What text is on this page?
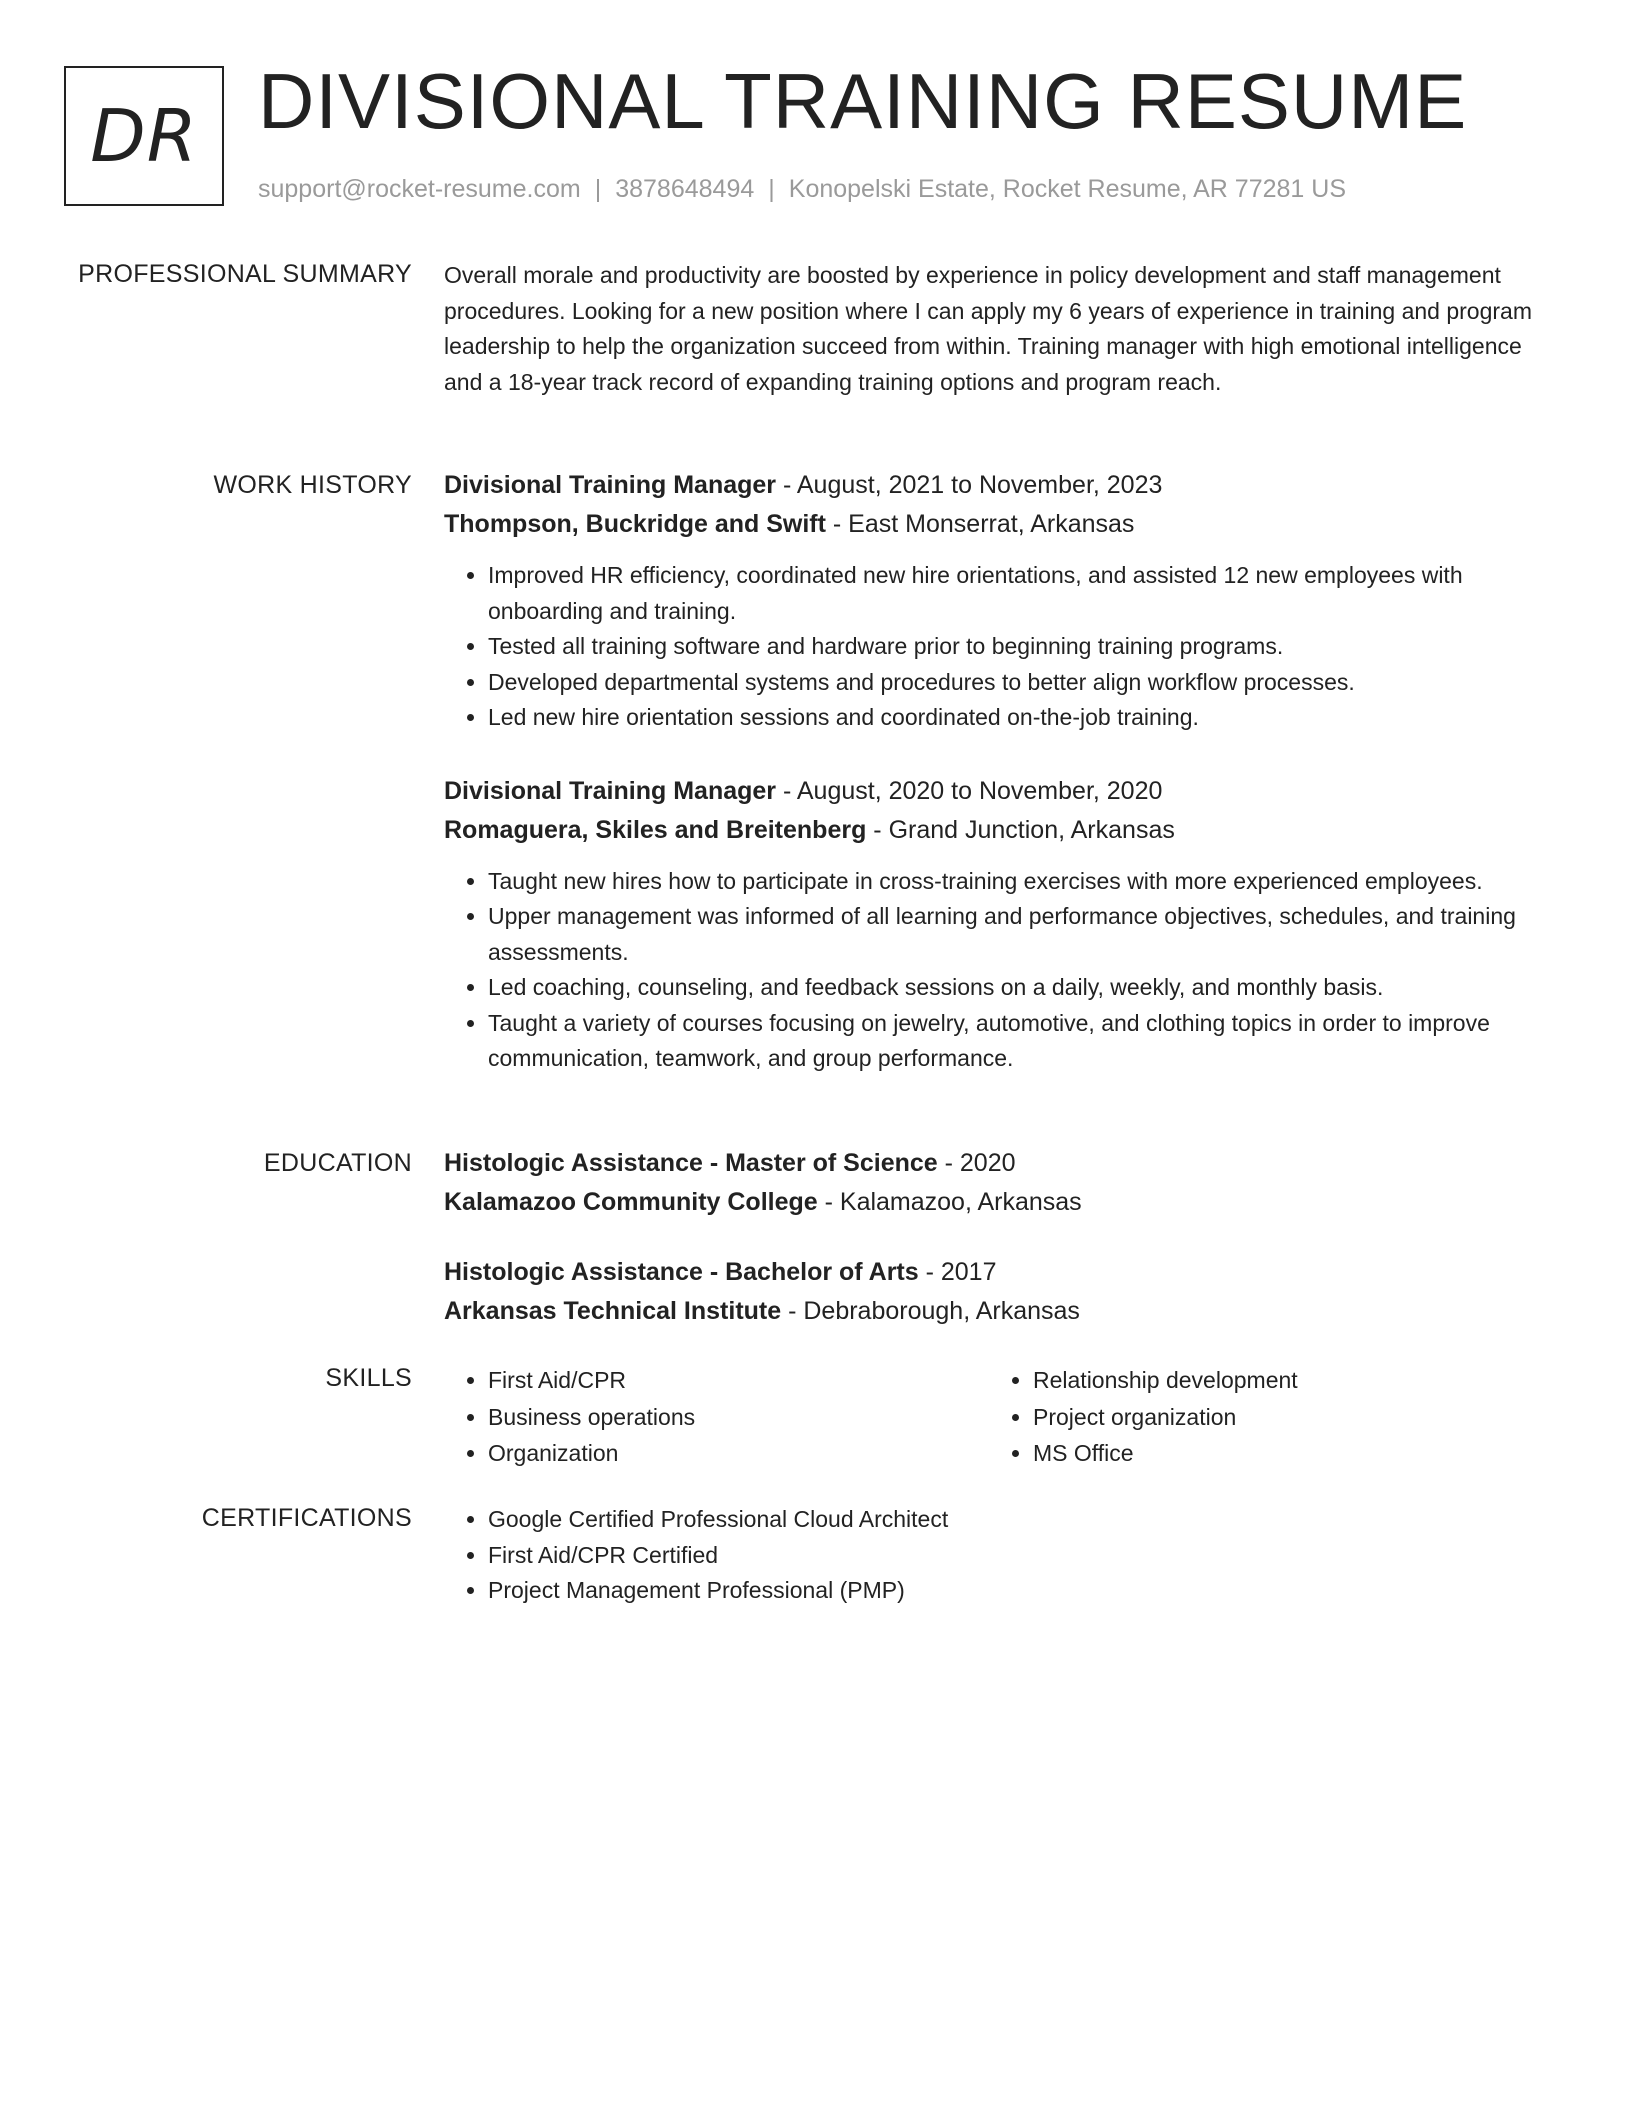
DR DIVISIONAL TRAINING RESUME
support@rocket-resume.com | 3878648494 | Konopelski Estate, Rocket Resume, AR 77281 US
PROFESSIONAL SUMMARY Overall morale and productivity are boosted by experience in policy development and staff management procedures. Looking for a new position where I can apply my 6 years of experience in training and program leadership to help the organization succeed from within. Training manager with high emotional intelligence and a 18-year track record of expanding training options and program reach.

WORK HISTORY Divisional Training Manager - August, 2021 to November, 2023
Thompson, Buckridge and Swift - East Monserrat, Arkansas
• Improved HR efficiency, coordinated new hire orientations, and assisted 12 new employees with onboarding and training.
• Tested all training software and hardware prior to beginning training programs.
• Developed departmental systems and procedures to better align workflow processes.
• Led new hire orientation sessions and coordinated on-the-job training.
Divisional Training Manager - August, 2020 to November, 2020
Romaguera, Skiles and Breitenberg - Grand Junction, Arkansas
• Taught new hires how to participate in cross-training exercises with more experienced employees.
• Upper management was informed of all learning and performance objectives, schedules, and training assessments.
• Led coaching, counseling, and feedback sessions on a daily, weekly, and monthly basis.
• Taught a variety of courses focusing on jewelry, automotive, and clothing topics in order to improve communication, teamwork, and group performance.
EDUCATION Histologic Assistance - Master of Science - 2020
Kalamazoo Community College - Kalamazoo, Arkansas
Histologic Assistance - Bachelor of Arts - 2017
Arkansas Technical Institute - Debraborough, Arkansas
SKILLS	• First Aid/CPR
• Business operations
• Organization
• Relationship development
• Project organization
• MS Office
CERTIFICATIONS	• Google Certified Professional Cloud Architect
• First Aid/CPR Certified
• Project Management Professional (PMP)
